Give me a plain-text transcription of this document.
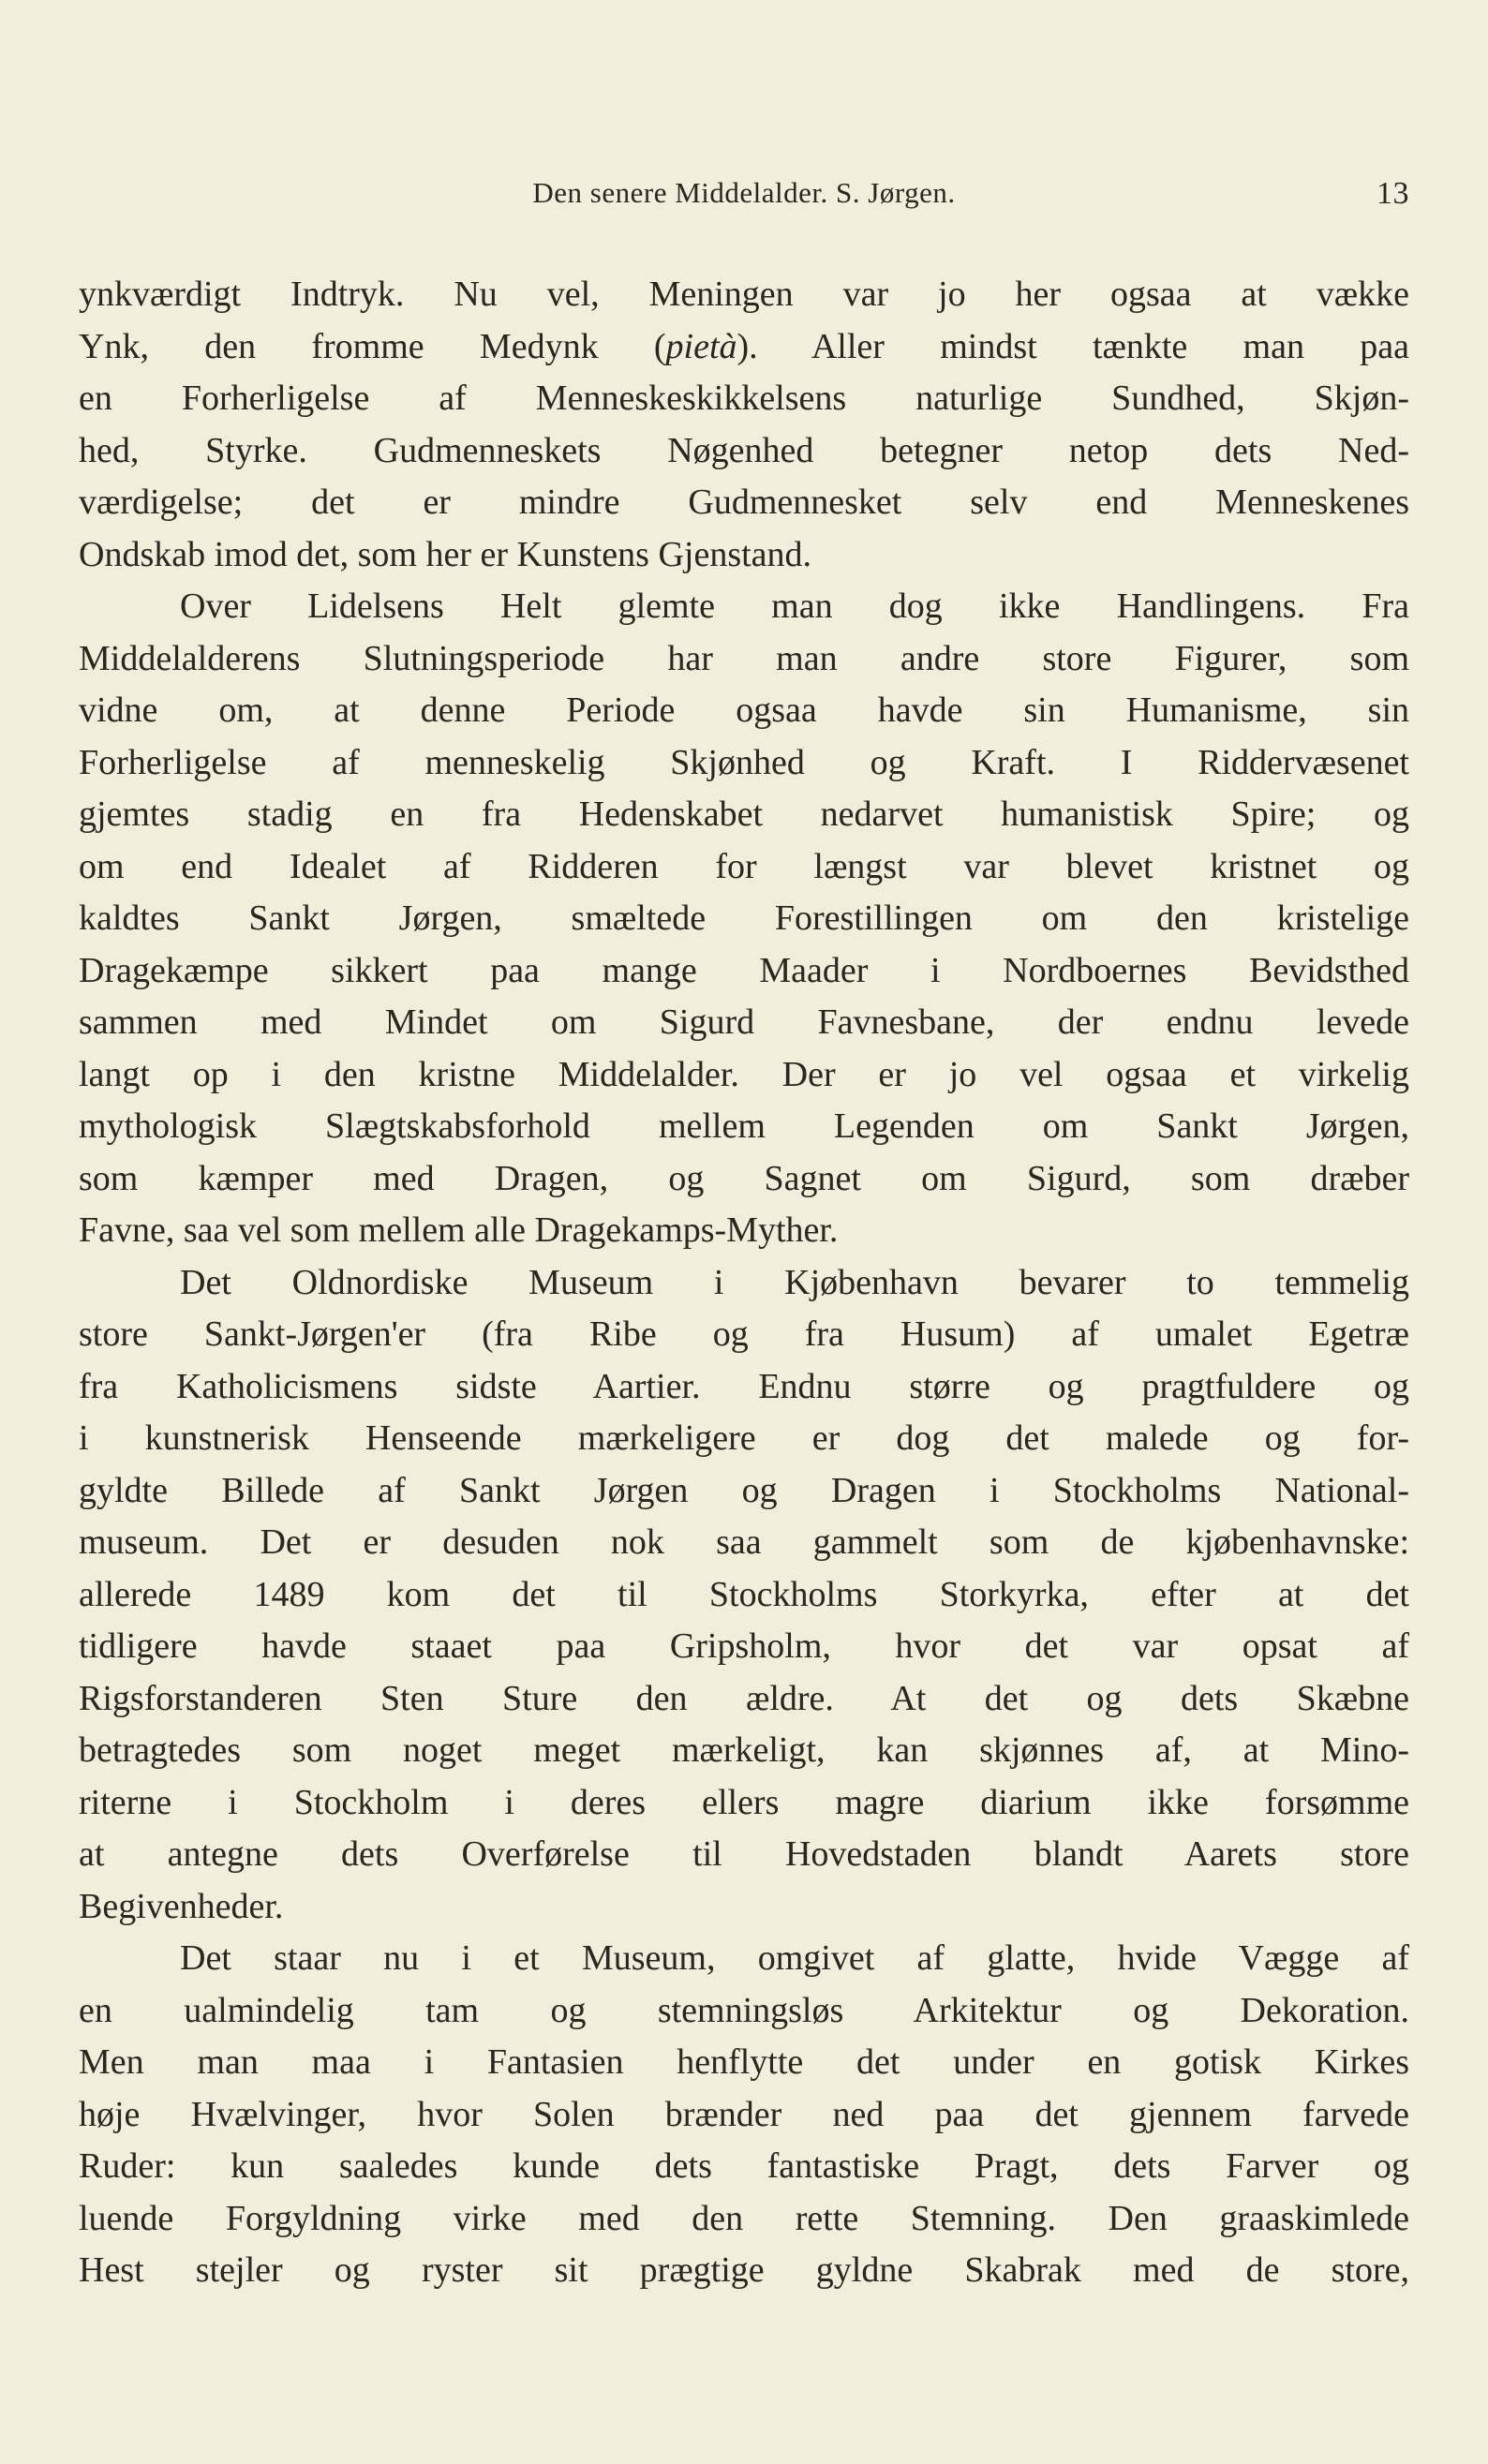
Den senere Middelalder. S. Jørgen.	13
ynkværdigt Indtryk. Nu vel, Meningen var jo her ogsaa at vække
Ynk, den fromme Medynk (pietà). Aller mindst tænkte man paa
en Forherligelse af Menneskeskikkelsens naturlige Sundhed, Skjøn-
hed, Styrke. Gudmenneskets Nøgenhed betegner netop dets Ned-
værdigelse; det er mindre Gudmennesket selv end Menneskenes
Ondskab imod det, som her er Kunstens Gjenstand.
Over Lidelsens Helt glemte man dog ikke Handlingens. Fra
Middelalderens Slutningsperiode har man andre store Figurer, som
vidne om, at denne Periode ogsaa havde sin Humanisme, sin
Forherligelse af menneskelig Skjønhed og Kraft. I Riddervæsenet
gjemtes stadig en fra Hedenskabet nedarvet humanistisk Spire; og
om end Idealet af Ridderen for længst var blevet kristnet og
kaldtes Sankt Jørgen, smæltede Forestillingen om den kristelige
Dragekæmpe sikkert paa mange Maader i Nordboernes Bevidsthed
sammen med Mindet om Sigurd Favnesbane, der endnu levede
langt op i den kristne Middelalder. Der er jo vel ogsaa et virkelig
mythologisk Slægtskabsforhold mellem Legenden om Sankt Jørgen,
som kæmper med Dragen, og Sagnet om Sigurd, som dræber
Favne, saa vel som mellem alle Dragekamps-Myther.
Det Oldnordiske Museum i Kjøbenhavn bevarer to temmelig
store Sankt-Jørgen'er (fra Ribe og fra Husum) af umalet Egetræ
fra Katholicismens sidste Aartier. Endnu større og pragtfuldere og
i kunstnerisk Henseende mærkeligere er dog det malede og for-
gyldte Billede af Sankt Jørgen og Dragen i Stockholms National-
museum. Det er desuden nok saa gammelt som de kjøbenhavnske:
allerede 1489 kom det til Stockholms Storkyrka, efter at det
tidligere havde staaet paa Gripsholm, hvor det var opsat af
Rigsforstanderen Sten Sture den ældre. At det og dets Skæbne
betragtedes som noget meget mærkeligt, kan skjønnes af, at Mino-
riterne i Stockholm i deres ellers magre diarium ikke forsømme
at antegne dets Overførelse til Hovedstaden blandt Aarets store
Begivenheder.
Det staar nu i et Museum, omgivet af glatte, hvide Vægge af
en ualmindelig tam og stemningsløs Arkitektur og Dekoration.
Men man maa i Fantasien henflytte det under en gotisk Kirkes
høje Hvælvinger, hvor Solen brænder ned paa det gjennem farvede
Ruder: kun saaledes kunde dets fantastiske Pragt, dets Farver og
luende Forgyldning virke med den rette Stemning. Den graaskimlede
Hest stejler og ryster sit prægtige gyldne Skabrak med de store,
